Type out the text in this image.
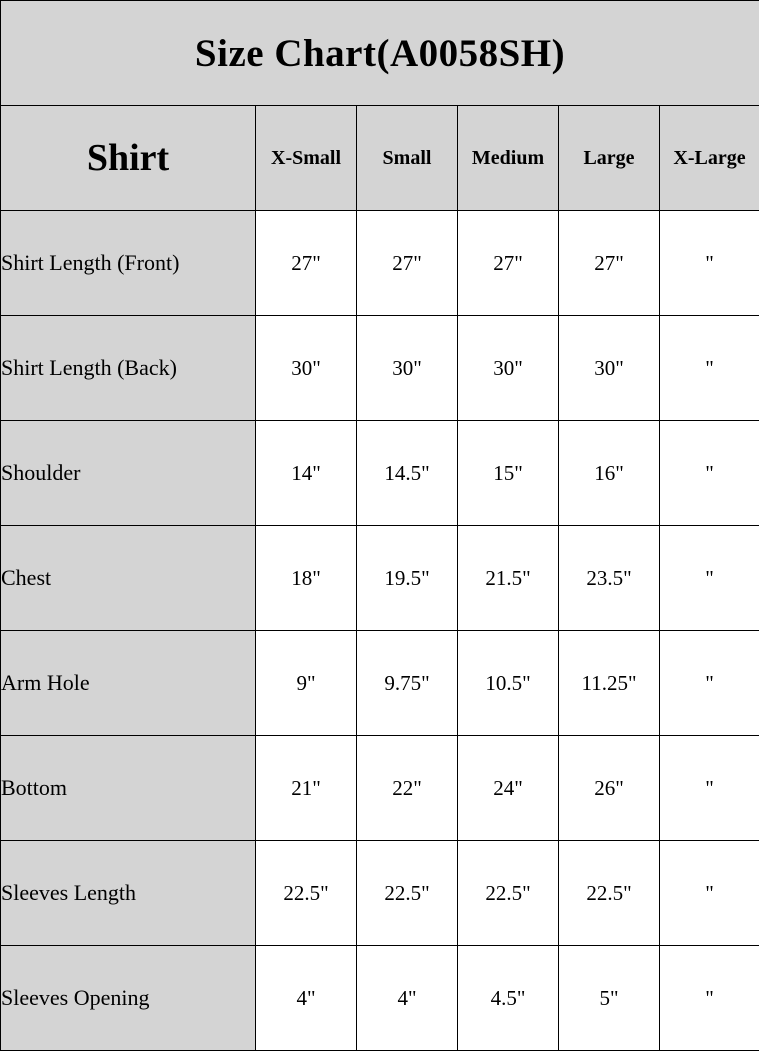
Size Chart(A0058SH)					
Shirt	X-Small	Small	Medium	Large	X-Large
Shirt Length (Front)	27"	27"	27"	27"	"
Shirt Length (Back)	30"	30"	30"	30"	"
Shoulder	14"	14.5"	15"	16"	"
Chest	18"	19.5"	21.5"	23.5"	"
Arm Hole	9"	9.75"	10.5"	11.25"	"
Bottom	21"	22"	24"	26"	"
Sleeves Length	22.5"	22.5"	22.5"	22.5"	"
Sleeves Opening	4"	4"	4.5"	5"	"
